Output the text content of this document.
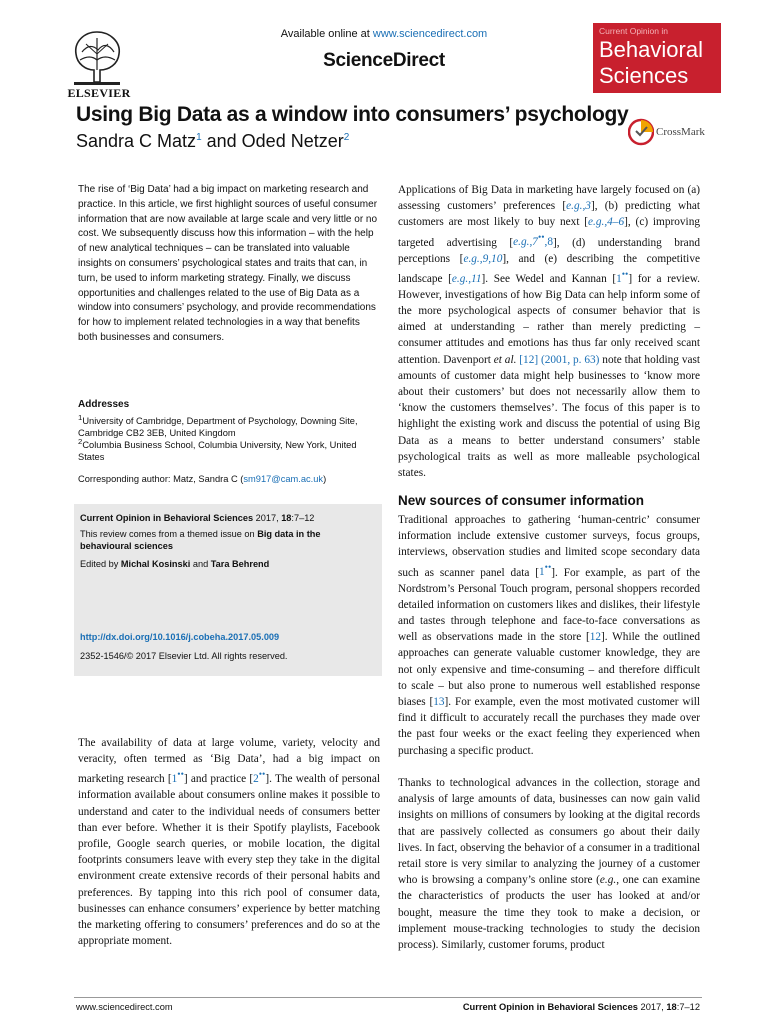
ELSEVIER
Available online at www.sciencedirect.com
ScienceDirect
Current Opinion in
Behavioral
Sciences
Using Big Data as a window into consumers’ psychology
Sandra C Matz$^1$ and Oded Netzer$^2$	CrossMark
The rise of ‘Big Data’ had a big impact on marketing research and practice. In this article, we first highlight sources of useful consumer information that are now available at large scale and very little or no cost. We subsequently discuss how this information – with the help of new analytical techniques – can be translated into valuable insights on consumers’ psychological states and traits that can, in turn, be used to inform marketing strategy. Finally, we discuss opportunities and challenges related to the use of Big Data as a window into consumers’ psychology, and provide recommendations for how to implement related technologies in a way that benefits both businesses and consumers.
Addresses
$^1$University of Cambridge, Department of Psychology, Downing Site, Cambridge CB2 3EB, United Kingdom
$^2$Columbia Business School, Columbia University, New York, United States
Corresponding author: Matz, Sandra C (sm917@cam.ac.uk)
Current Opinion in Behavioral Sciences 2017, 18:7–12
This review comes from a themed issue on Big data in the behavioural sciences
Edited by Michal Kosinski and Tara Behrend
http://dx.doi.org/10.1016/j.cobeha.2017.05.009
2352-1546/© 2017 Elsevier Ltd. All rights reserved.
The availability of data at large volume, variety, velocity and veracity, often termed as ‘Big Data’, had a big impact on marketing research [1••] and practice [2••]. The wealth of personal information available about consumers online makes it possible to understand and cater to the individual needs of consumers better than ever before. Whether it is their Spotify playlists, Facebook profile, Google search queries, or mobile location, the digital footprints consumers leave with every step they take in the digital environment create extensive records of their personal habits and preferences. By tapping into this rich pool of consumer data, businesses can enhance consumers’ experience by better matching the marketing offering to consumers’ preferences and do so at the appropriate moment.
Applications of Big Data in marketing have largely focused on (a) assessing customers’ preferences [e.g.,3], (b) predicting what customers are most likely to buy next [e.g.,4–6], (c) improving targeted advertising [e.g.,7••,8], (d) understanding brand perceptions [e.g.,9,10], and (e) describing the competitive landscape [e.g.,11]. See Wedel and Kannan [1••] for a review. However, investigations of how Big Data can help inform some of the more psychological aspects of consumer behavior that is aimed at understanding – rather than merely predicting – consumer attitudes and emotions has thus far only received scant attention. Davenport et al. [12] (2001, p. 63) note that holding vast amounts of customer data might help businesses to ‘know more about their customers’ but does not necessarily allow them to ‘know the customers themselves’. The focus of this paper is to highlight the existing work and discuss the potential of using Big Data as a means to better understand consumers’ stable psychological traits as well as more malleable psychological states.
New sources of consumer information
Traditional approaches to gathering ‘human-centric’ consumer information include extensive customer surveys, focus groups, interviews, observation studies and limited scope secondary data such as scanner panel data [1••]. For example, as part of the Nordstrom’s Personal Touch program, personal shoppers recorded detailed information on customers likes and dislikes, their lifestyle and tastes through telephone and face-to-face conversations as well as observations made in the store [12]. While the outlined approaches can generate valuable customer knowledge, they are not only expensive and time-consuming – and therefore difficult to scale – but also prone to numerous well established response biases [13]. For example, even the most motivated customer will find it difficult to accurately recall the purchases they made over the past four weeks or the exact feeling they experienced when purchasing a specific product.
Thanks to technological advances in the collection, storage and analysis of large amounts of data, businesses can now gain valid insights on millions of consumers by looking at the digital records that are passively collected as consumers go about their daily lives. In fact, observing the behavior of a consumer in a traditional retail store is very similar to analyzing the journey of a customer who is browsing a company’s online store (e.g., one can examine the characteristics of products the user has looked at and/or bought, measure the time they took to make a decision, or implement mouse-tracking technologies to study the decision process). Similarly, customer forums, product
www.sciencedirect.com	Current Opinion in Behavioral Sciences 2017, 18:7–12
